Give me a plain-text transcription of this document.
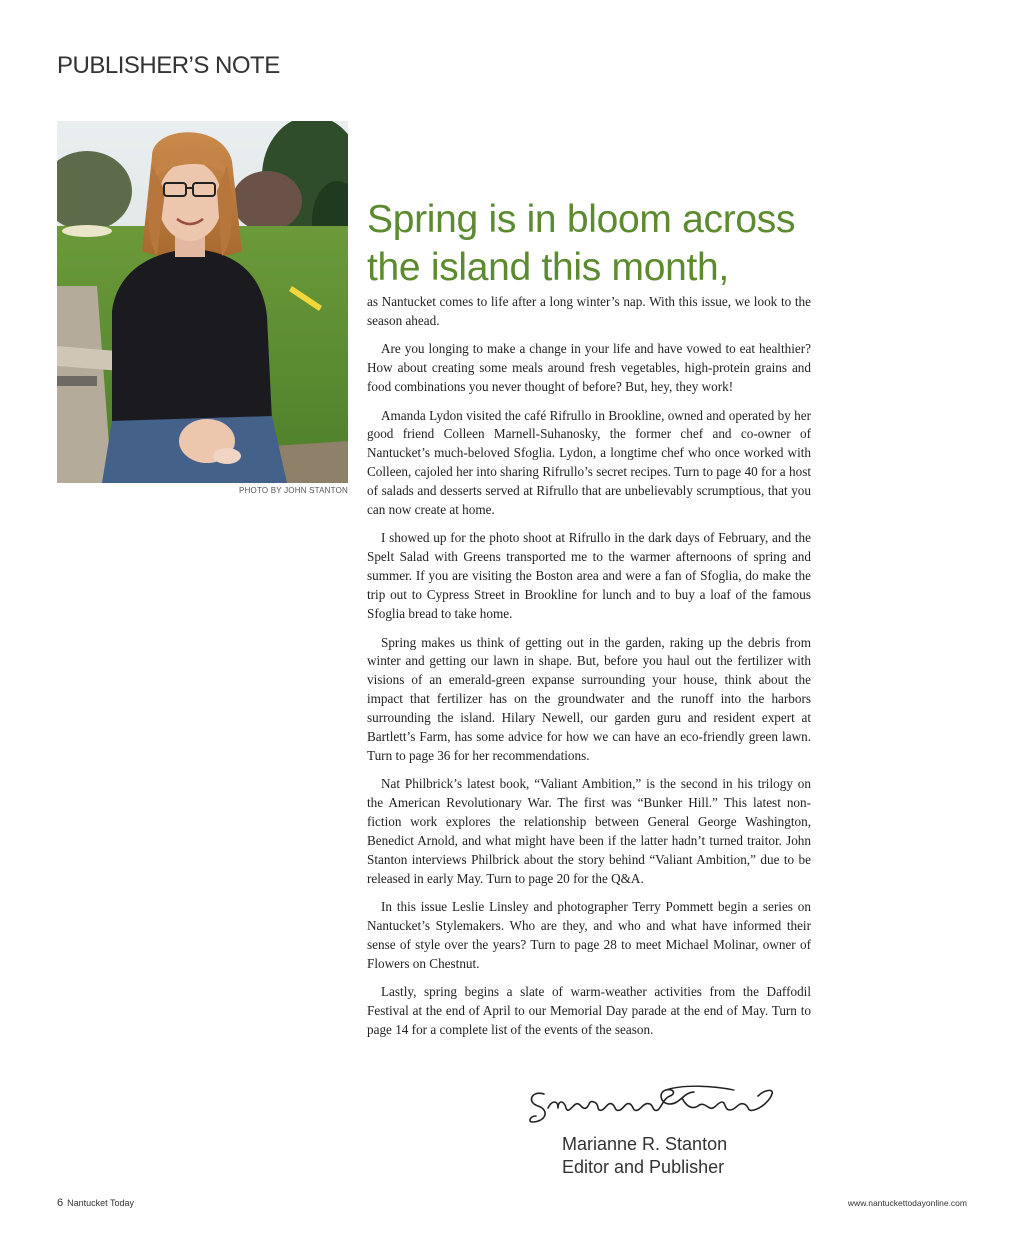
PUBLISHER’S NOTE
PHOTO BY JOHN STANTON
Spring is in bloom across the island this month,

as Nantucket comes to life after a long winter’s nap. With this issue, we look to the season ahead.

Are you longing to make a change in your life and have vowed to eat healthier? How about creating some meals around fresh vegetables, high-protein grains and food combinations you never thought of before? But, hey, they work!

Amanda Lydon visited the café Rifrullo in Brookline, owned and operated by her good friend Colleen Marnell-Suhanosky, the former chef and co-owner of Nantucket’s much-beloved Sfoglia. Lydon, a longtime chef who once worked with Colleen, cajoled her into sharing Rifrullo’s secret recipes. Turn to page 40 for a host of salads and desserts served at Rifrullo that are unbelievably scrumptious, that you can now create at home.

I showed up for the photo shoot at Rifrullo in the dark days of February, and the Spelt Salad with Greens transported me to the warmer afternoons of spring and summer. If you are visiting the Boston area and were a fan of Sfoglia, do make the trip out to Cypress Street in Brookline for lunch and to buy a loaf of the famous Sfoglia bread to take home.

Spring makes us think of getting out in the garden, raking up the debris from winter and getting our lawn in shape. But, before you haul out the fertilizer with visions of an emerald-green expanse surrounding your house, think about the impact that fertilizer has on the groundwater and the runoff into the harbors surrounding the island. Hilary Newell, our garden guru and resident expert at Bartlett’s Farm, has some advice for how we can have an eco-friendly green lawn. Turn to page 36 for her recommendations.

Nat Philbrick’s latest book, “Valiant Ambition,” is the second in his trilogy on the American Revolutionary War. The first was “Bunker Hill.” This latest non-fiction work explores the relationship between General George Washington, Benedict Arnold, and what might have been if the latter hadn’t turned traitor. John Stanton interviews Philbrick about the story behind “Valiant Ambition,” due to be released in early May. Turn to page 20 for the Q&A.

In this issue Leslie Linsley and photographer Terry Pommett begin a series on Nantucket’s Stylemakers. Who are they, and who and what have informed their sense of style over the years? Turn to page 28 to meet Michael Molinar, owner of Flowers on Chestnut.

Lastly, spring begins a slate of warm-weather activities from the Daffodil Festival at the end of April to our Memorial Day parade at the end of May. Turn to page 14 for a complete list of the events of the season.

Marianne R. Stanton
Editor and Publisher
6 Nantucket Today	www.nantuckettodayonline.com
